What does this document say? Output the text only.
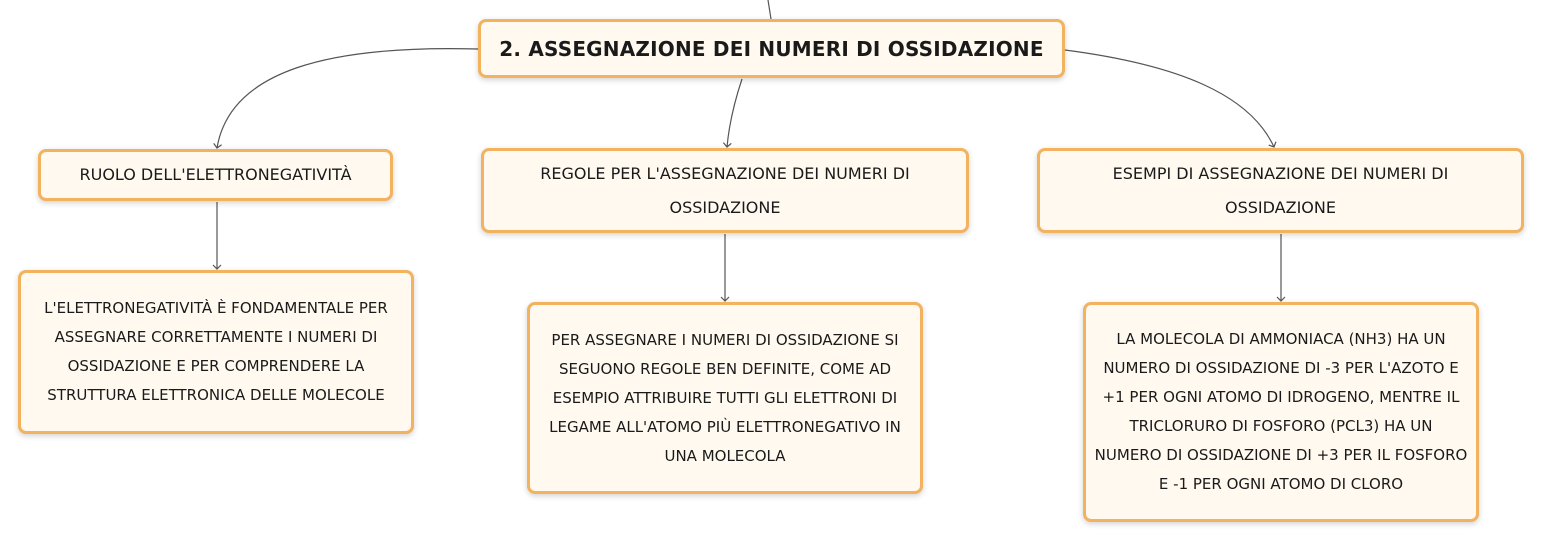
2. ASSEGNAZIONE DEI NUMERI DI OSSIDAZIONE
RUOLO DELL'ELETTRONEGATIVITÀ	REGOLE PER L'ASSEGNAZIONE DEI NUMERI DI OSSIDAZIONE
ESEMPI DI ASSEGNAZIONE DEI NUMERI DI OSSIDAZIONE
L'ELETTRONEGATIVITÀ È FONDAMENTALE PER ASSEGNARE CORRETTAMENTE I NUMERI DI OSSIDAZIONE E PER COMPRENDERE LA STRUTTURA ELETTRONICA DELLE MOLECOLE
PER ASSEGNARE I NUMERI DI OSSIDAZIONE SI SEGUONO REGOLE BEN DEFINITE, COME AD ESEMPIO ATTRIBUIRE TUTTI GLI ELETTRONI DI LEGAME ALL'ATOMO PIÙ ELETTRONEGATIVO IN UNA MOLECOLA
LA MOLECOLA DI AMMONIACA (NH3) HA UN NUMERO DI OSSIDAZIONE DI -3 PER L'AZOTO E +1 PER OGNI ATOMO DI IDROGENO, MENTRE IL TRICLORURO DI FOSFORO (PCL3) HA UN NUMERO DI OSSIDAZIONE DI +3 PER IL FOSFORO E -1 PER OGNI ATOMO DI CLORO
